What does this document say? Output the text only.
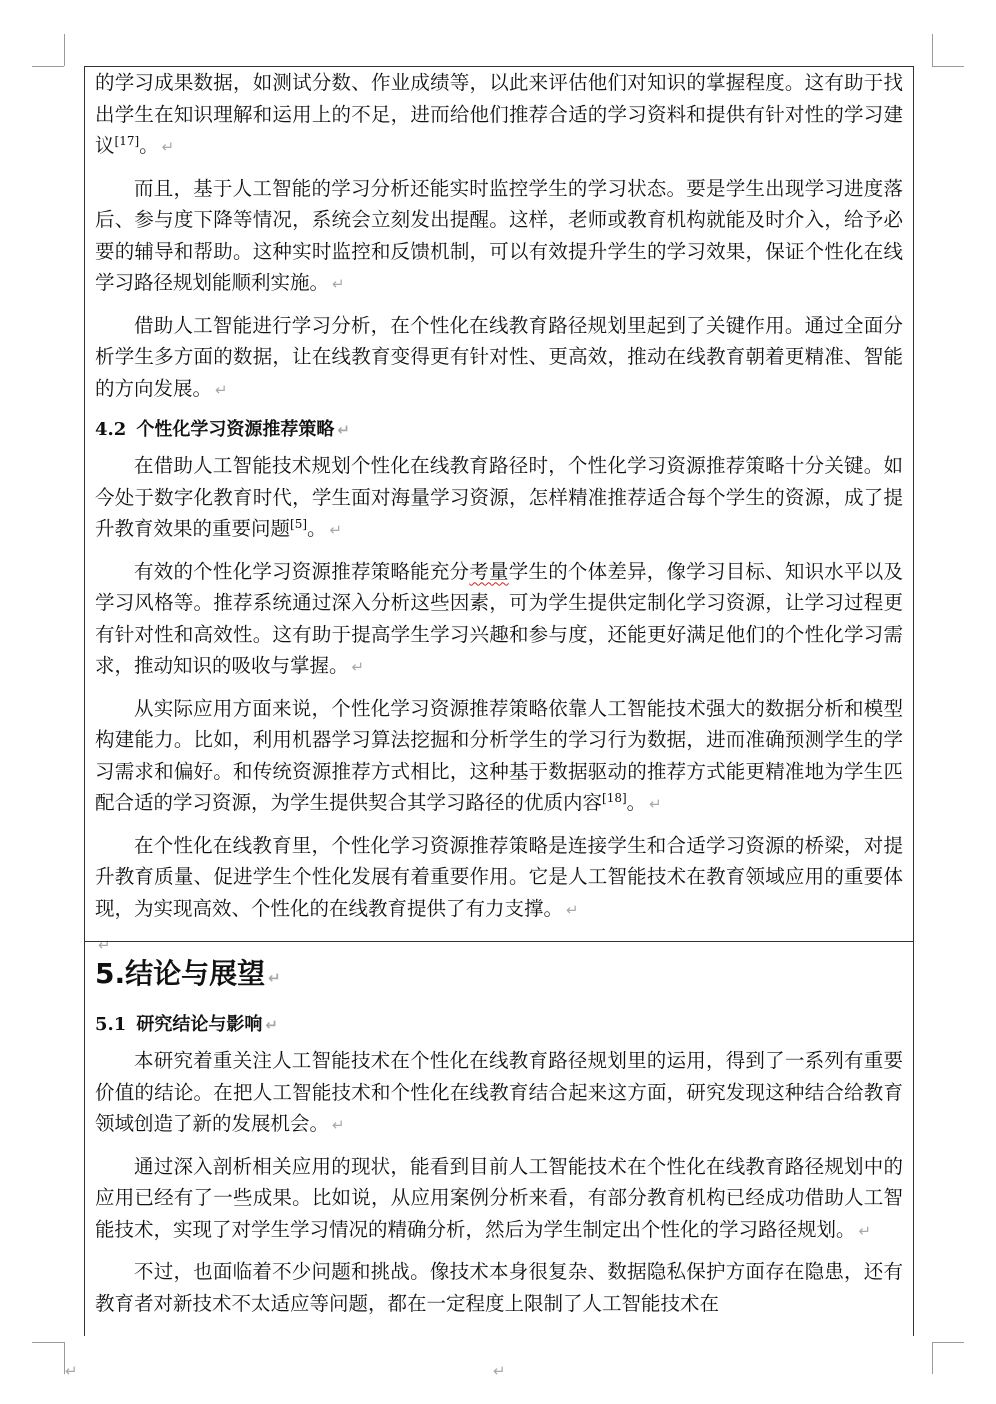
的学习成果数据，如测试分数、作业成绩等，以此来评估他们对知识的掌握程度。这有助于找出学生在知识理解和运用上的不足，进而给他们推荐合适的学习资料和提供有针对性的学习建议[17]。 ↵

而且，基于人工智能的学习分析还能实时监控学生的学习状态。要是学生出现学习进度落后、参与度下降等情况，系统会立刻发出提醒。这样，老师或教育机构就能及时介入，给予必要的辅导和帮助。这种实时监控和反馈机制，可以有效提升学生的学习效果，保证个性化在线学习路径规划能顺利实施。 ↵

借助人工智能进行学习分析，在个性化在线教育路径规划里起到了关键作用。通过全面分析学生多方面的数据，让在线教育变得更有针对性、更高效，推动在线教育朝着更精准、智能的方向发展。 ↵

4.2 个性化学习资源推荐策略 ↵

在借助人工智能技术规划个性化在线教育路径时，个性化学习资源推荐策略十分关键。如今处于数字化教育时代，学生面对海量学习资源，怎样精准推荐适合每个学生的资源，成了提升教育效果的重要问题[5]。 ↵

有效的个性化学习资源推荐策略能充分考量学生的个体差异，像学习目标、知识水平以及学习风格等。推荐系统通过深入分析这些因素，可为学生提供定制化学习资源，让学习过程更有针对性和高效性。这有助于提高学生学习兴趣和参与度，还能更好满足他们的个性化学习需求，推动知识的吸收与掌握。 ↵

从实际应用方面来说，个性化学习资源推荐策略依靠人工智能技术强大的数据分析和模型构建能力。比如，利用机器学习算法挖掘和分析学生的学习行为数据，进而准确预测学生的学习需求和偏好。和传统资源推荐方式相比，这种基于数据驱动的推荐方式能更精准地为学生匹配合适的学习资源，为学生提供契合其学习路径的优质内容[18]。 ↵

在个性化在线教育里，个性化学习资源推荐策略是连接学生和合适学习资源的桥梁，对提升教育质量、促进学生个性化发展有着重要作用。它是人工智能技术在教育领域应用的重要体现，为实现高效、个性化的在线教育提供了有力支撑。 ↵

↵
5.结论与展望 ↵
5.1 研究结论与影响 ↵

本研究着重关注人工智能技术在个性化在线教育路径规划里的运用，得到了一系列有重要价值的结论。在把人工智能技术和个性化在线教育结合起来这方面，研究发现这种结合给教育领域创造了新的发展机会。 ↵

通过深入剖析相关应用的现状，能看到目前人工智能技术在个性化在线教育路径规划中的应用已经有了一些成果。比如说，从应用案例分析来看，有部分教育机构已经成功借助人工智能技术，实现了对学生学习情况的精确分析，然后为学生制定出个性化的学习路径规划。 ↵

不过，也面临着不少问题和挑战。像技术本身很复杂、数据隐私保护方面存在隐患，还有教育者对新技术不太适应等问题，都在一定程度上限制了人工智能技术在

↵	↵
